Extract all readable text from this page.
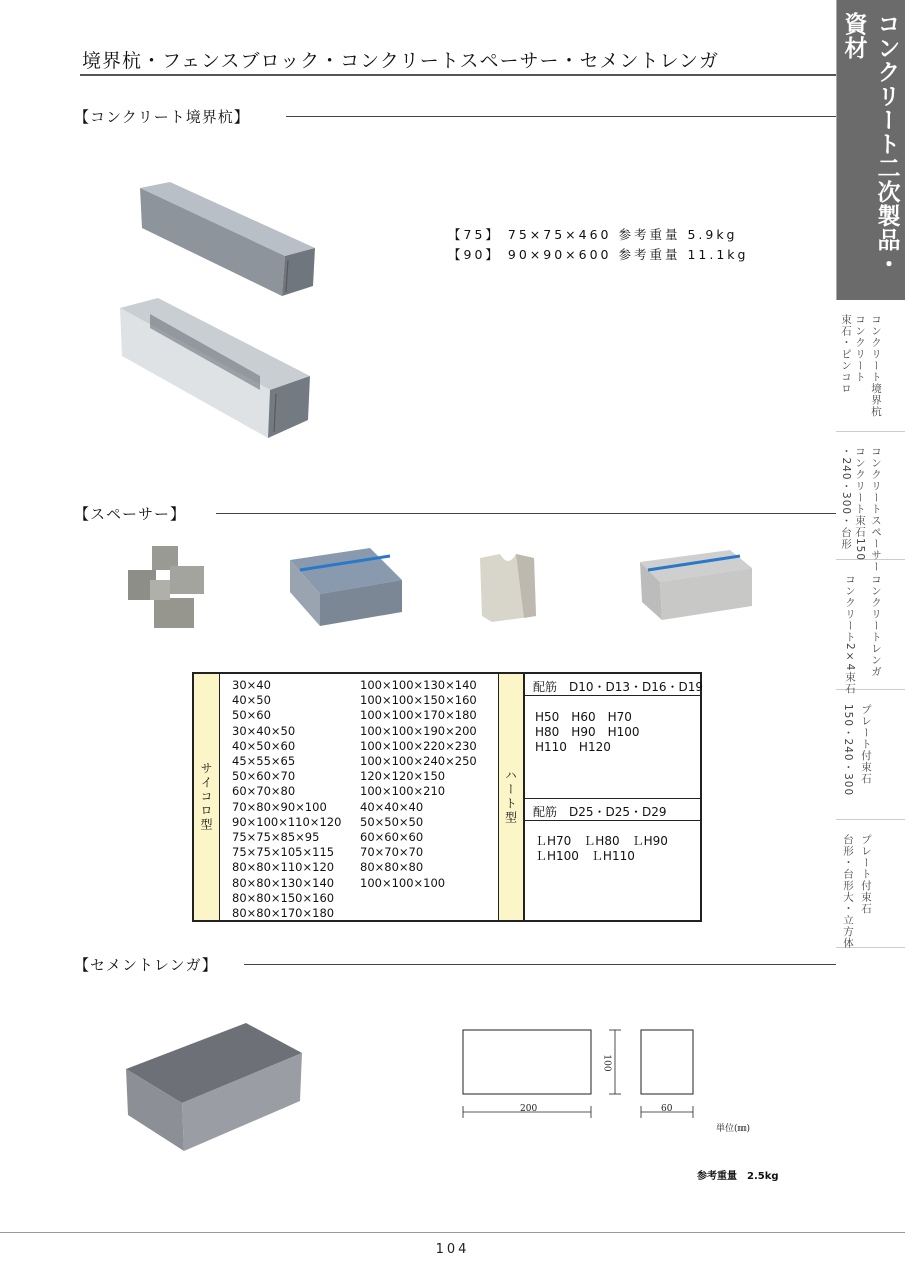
境界杭・フェンスブロック・コンクリートスペーサー・セメントレンガ	コンクリート二次製品・資材
コンクリート境界杭
コンクリート
束石・ピンコロ
コンクリートスペーサー
コンクリート束石150
・240・300・台形
コンクリートレンガ
コンクリート2×4束石
プレート付束石
150・240・300
プレート付束石
台形・台形大・立方体
【コンクリート境界杭】
【75】 75×75×460 参考重量 5.9kg
【90】 90×90×600 参考重量 11.1kg
【スペーサー】
サイコロ型
30×40
40×50
50×60
30×40×50
40×50×60
45×55×65
50×60×70
60×70×80
70×80×90×100
90×100×110×120
75×75×85×95
75×75×105×115
80×80×110×120
80×80×130×140
80×80×150×160
80×80×170×180
100×100×130×140
100×100×150×160
100×100×170×180
100×100×190×200
100×100×220×230
100×100×240×250
120×120×150
100×100×210
40×40×40
50×50×50
60×60×60
70×70×70
80×80×80
100×100×100
ハート型
配筋　D10・D13・D16・D19
H50　H60　H70
H80　H90　H100
H110　H120
配筋　D25・D25・D29
ＬH70　ＬH80　ＬH90
ＬH100　ＬH110
【セメントレンガ】
200
100
60
単位(㎜)
参考重量　2.5kg
104
